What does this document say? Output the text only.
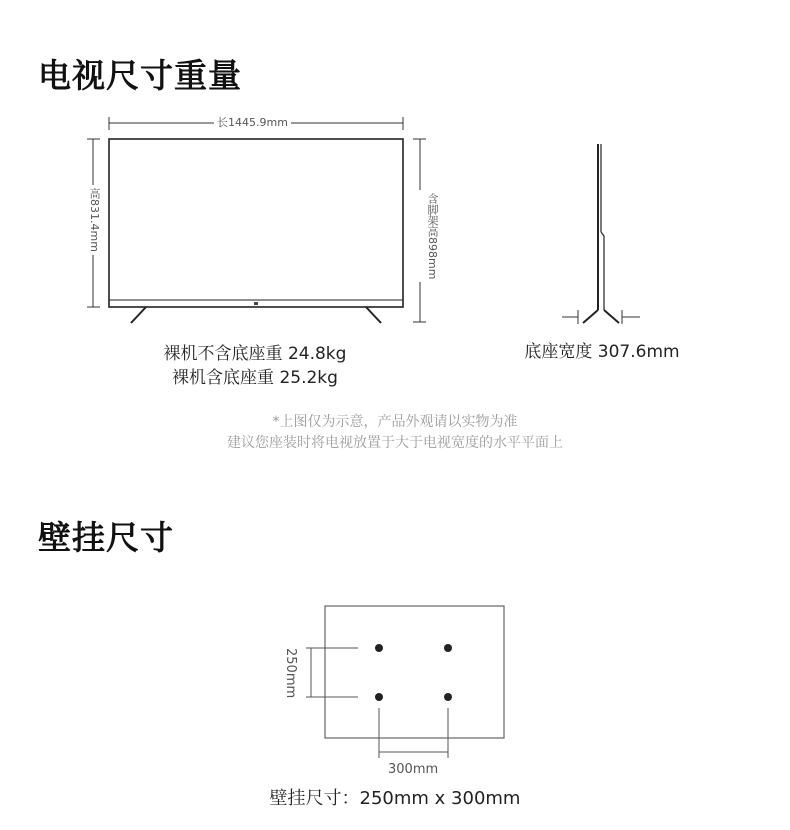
电视尺寸重量
长1445.9mm
高831.4mm	含脚架高898mm
裸机不含底座重 24.8kg
裸机含底座重 25.2kg
底座宽度 307.6mm
*上图仅为示意，产品外观请以实物为准
建议您座装时将电视放置于大于电视宽度的水平平面上
壁挂尺寸
250mm
300mm
壁挂尺寸：250mm x 300mm
